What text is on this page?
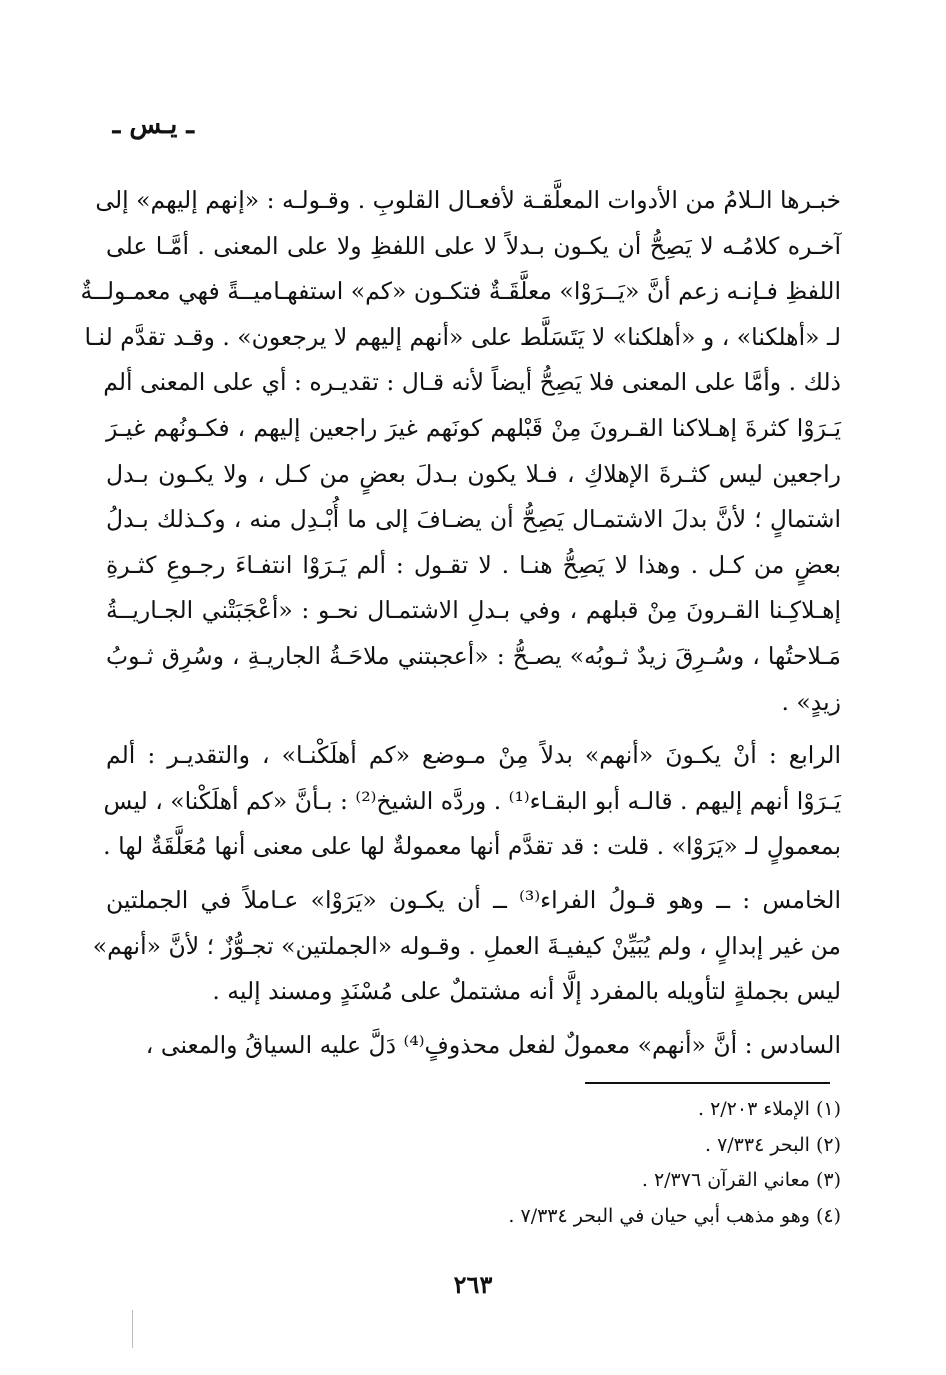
ـ يـس ـ
خبـرها الـلامُ من الأدوات المعلَّقـة لأفعـال القلوبِ . وقـولـه : «إنهم إليهم» إلى
آخـره كلامُـه لا يَصِحُّ أن يكـون بـدلاً لا على اللفظِ ولا على المعنى . أمَّـا على
اللفظِ فـإنـه زعم أنَّ «يَــرَوْا» معلَّقَـةٌ فتكـون «كم» استفهـاميــةً فهي معمـولــةٌ
لـ «أهلكنا» ، و «أهلكنا» لا يَتَسَلَّط على «أنهم إليهم لا يرجعون» . وقـد تقدَّم لنـا
ذلك . وأمَّا على المعنى فلا يَصِحُّ أيضاً لأنه قـال : تقديـره : أي على المعنى ألم
يَـرَوْا كثرةَ إهـلاكنا القـرونَ مِنْ قَبْلهم كونَهم غيرَ راجعين إليهم ، فكـونُهم غيـرَ
راجعين ليس كثـرةَ الإهلاكِ ، فـلا يكون بـدلَ بعضٍ من كـل ، ولا يكـون بـدل
اشتمالٍ ؛ لأنَّ بدلَ الاشتمـال يَصِحُّ أن يضـافَ إلى ما أُبْـدِل منه ، وكـذلك بـدلُ
بعضٍ من كـل . وهذا لا يَصِحُّ هنـا . لا تقـول : ألم يَـرَوْا انتفـاءَ رجـوعِ كثـرةِ
إهـلاكِـنا القـرونَ مِنْ قبلهم ، وفي بـدلِ الاشتمـال نحـو : «أعْجَبَتْني الجـاريــةُ
مَـلاحتُها ، وسُـرِقَ زيدٌ ثـوبُه» يصـحُّ : «أعجبتني ملاحَـةُ الجاريـةِ ، وسُرِق ثـوبُ
زيدٍ» .
الرابع : أنْ يكـونَ «أنهم» بدلاً مِنْ مـوضع «كم أهلَكْنـا» ، والتقديـر : ألم
يَـرَوْا أنهم إليهم . قالـه أبو البقـاء⁽¹⁾ . وردَّه الشيخ⁽²⁾ : بـأنَّ «كم أهلَكْنا» ، ليس
بمعمولٍ لـ «يَرَوْا» . قلت : قد تقدَّم أنها معمولةٌ لها على معنى أنها مُعَلَّقَةٌ لها .
الخامس : ــ وهو قـولُ الفراء⁽³⁾ ــ أن يكـون «يَرَوْا» عـاملاً في الجملتين
من غير إبدالٍ ، ولم يُبَيِّنْ كيفيـةَ العملِ . وقـوله «الجملتين» تجـوُّزٌ ؛ لأنَّ «أنهم»
ليس بجملةٍ لتأويله بالمفرد إلَّا أنه مشتملٌ على مُسْنَدٍ ومسند إليه .
السادس : أنَّ «أنهم» معمولٌ لفعل محذوفٍ⁽⁴⁾ دَلَّ عليه السياقُ والمعنى ،
(١) الإملاء ٢/٢٠٣ .
(٢) البحر ٧/٣٣٤ .
(٣) معاني القرآن ٢/٣٧٦ .
(٤) وهو مذهب أبي حيان في البحر ٧/٣٣٤ .
٢٦٣
